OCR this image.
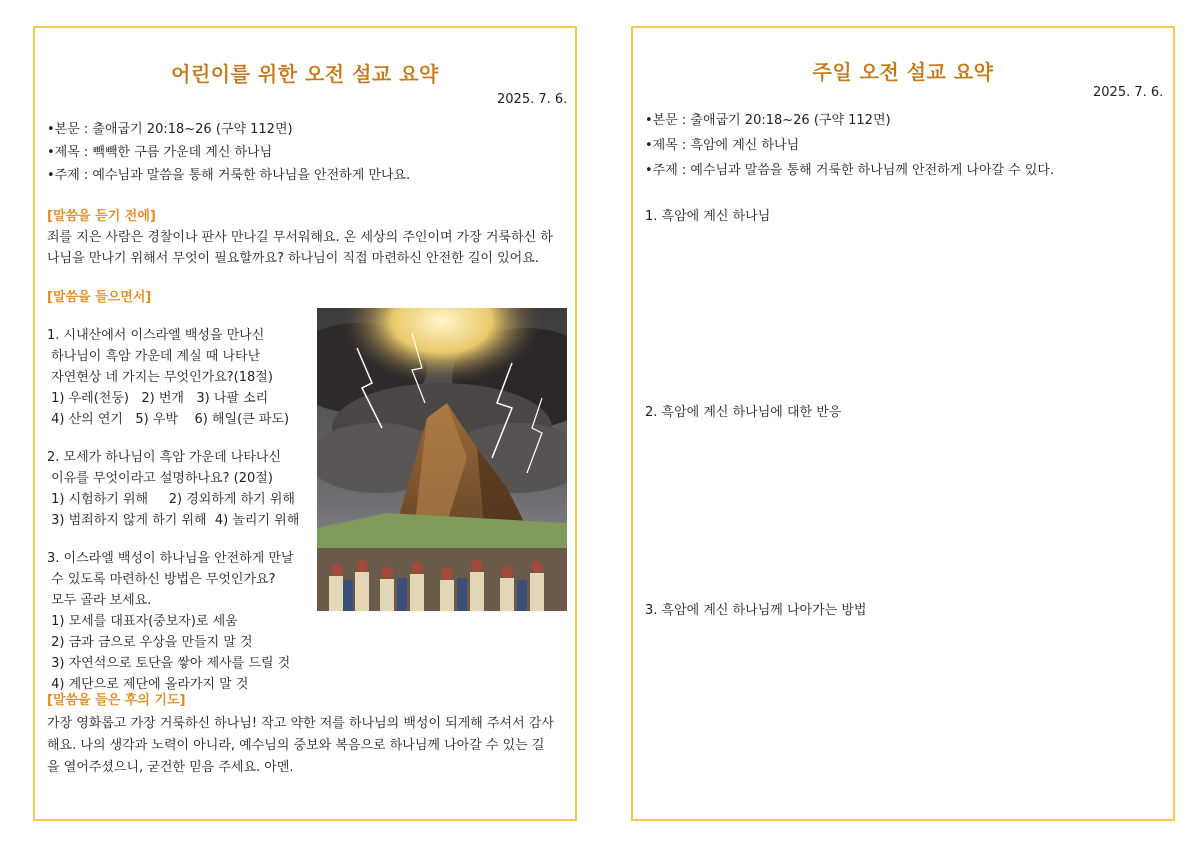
어린이를 위한 오전 설교 요약
2025. 7. 6.
•본문 : 출애굽기 20:18~26 (구약 112면)
•제목 : 빽빽한 구름 가운데 계신 하나님
•주제 : 예수님과 말씀을 통해 거룩한 하나님을 안전하게 만나요.
[말씀을 듣기 전에]
죄를 지은 사람은 경찰이나 판사 만나길 무서워해요. 온 세상의 주인이며 가장 거룩하신 하
나님을 만나기 위해서 무엇이 필요할까요? 하나님이 직접 마련하신 안전한 길이 있어요.
[말씀을 들으면서]

1. 시내산에서 이스라엘 백성을 만나신
하나님이 흑암 가운데 계실 때 나타난
자연현상 네 가지는 무엇인가요?(18절)
1) 우레(천둥)   2) 번개   3) 나팔 소리
4) 산의 연기   5) 우박    6) 해일(큰 파도)

2. 모세가 하나님이 흑암 가운데 나타나신
이유를 무엇이라고 설명하나요? (20절)
1) 시험하기 위해     2) 경외하게 하기 위해
3) 범죄하지 않게 하기 위해  4) 놀리기 위해

3. 이스라엘 백성이 하나님을 안전하게 만날
수 있도록 마련하신 방법은 무엇인가요?
모두 골라 보세요.
1) 모세를 대표자(중보자)로 세움
2) 금과 금으로 우상을 만들지 말 것
3) 자연석으로 토단을 쌓아 제사를 드릴 것
4) 계단으로 제단에 올라가지 말 것
[말씀을 들은 후의 기도]
가장 영화롭고 가장 거룩하신 하나님! 작고 약한 저를 하나님의 백성이 되게해 주셔서 감사
해요. 나의 생각과 노력이 아니라, 예수님의 중보와 복음으로 하나님께 나아갈 수 있는 길
을 열어주셨으니, 굳건한 믿음 주세요. 아멘.
주일 오전 설교 요약
2025. 7. 6.
•본문 : 출애굽기 20:18~26 (구약 112면)
•제목 : 흑암에 계신 하나님
•주제 : 예수님과 말씀을 통해 거룩한 하나님께 안전하게 나아갈 수 있다.
1. 흑암에 계신 하나님
2. 흑암에 계신 하나님에 대한 반응
3. 흑암에 계신 하나님께 나아가는 방법
